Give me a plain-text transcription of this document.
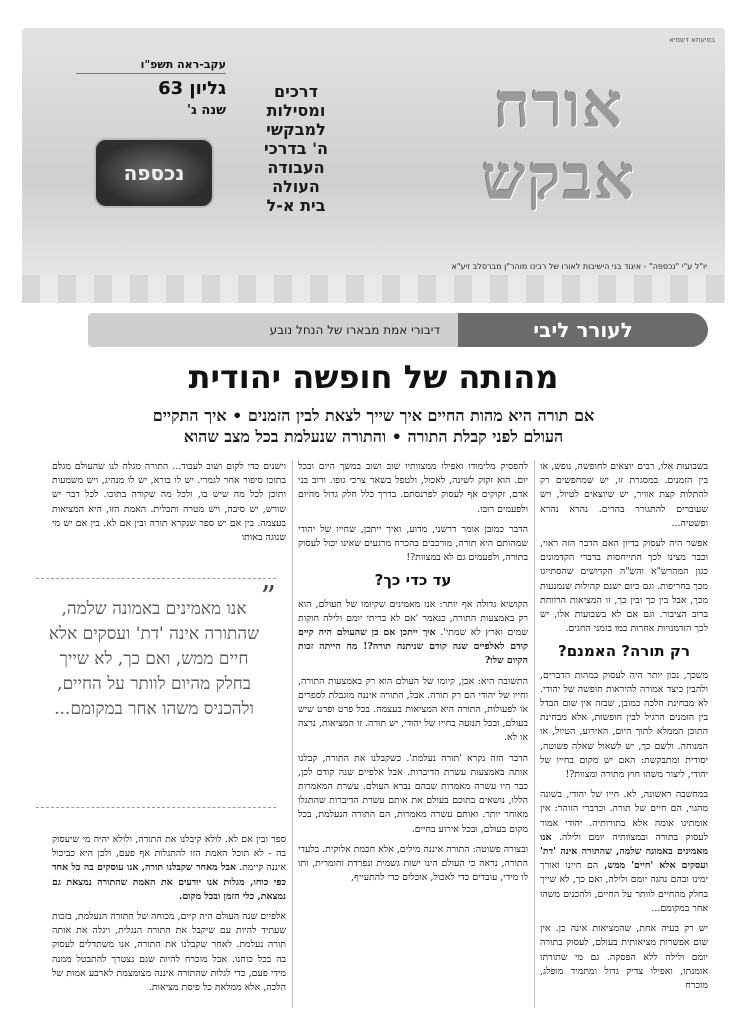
בסיעתא דשמיא
אורח
אבקש
דרכים
ומסילות
למבקשי
ה' בדרכי
העבודה
העולה
בית א-ל
עקב-ראה תשפ"ו
גליון 63
שנה ג'
נכספה
יו"ל ע"י "נכספה" - איגוד בני הישיבות לאורו של רבינו מוהר"ן מברסלב זיע"א
לעורר ליבי
דיבורי אמת מבארו של הנחל נובע
מהותה של חופשה יהודית
אם תורה היא מהות החיים איך שייך לצאת לבין הזמנים • איך התקיים
העולם לפני קבלת התורה • והתורה שנעלמת בכל מצב שהוא

בשבועות אלו, רבים יוצאים לחופשה, נופש, או בין הזמנים. במסגרת זו, יש שמחפשים רק להתלות קצת אוויר, יש שיוצאים לטיול, ויש שעוברים להתגורר בהרים. נהרא נהרא ופשטיה...

אפשר היה לעסוק בדיון האם הדבר הזה ראוי, וכבר מצינו לכך התייחסות בדברי הקדמונים כגון המהרש"א והש"ה הקדושים שהסתייגו מכך בחריפות. וגם כיום ישנם קהילות שנמנעות מכך, אבל בין כך ובין כך, זו המציאות הרווחת ברוב הציבור. וגם אם לא בשבועות אלו, יש לכך הזדמנויות אחרות כמו בזמני החגים.

רק תורה? האמנם?

משכך, נכון יותר היה לעסוק במהות הדברים, ולהבין כיצד אמורה להיראות חופשה של יהודי. לא מבחינת הלכה כמובן, שבזה אין שום הבדל בין הזמנים הרגיל לבין חופשות, אלא מבחינת התוכן הממלא לתוך היום, האירוע, הטיול, או המנוחה. ולשם כך, יש לשאול שאלה פשוטה, יסודית ומתבקשת: האם יש מקום בחייו של יהודי, ליצור משהו חוץ מתורה ומצוות?!

במחשבה ראשונה, לא. חייו של יהודי, בשונה מהגוי, הם חיים של תורה. וכדברי הזוהר: אין אומתינו אומה אלא בתורותיה. יהודי אמור לעסוק בתורה ובמצוותיה יומם ולילה. אנו מאמינים באמונה שלמה, שהתורה אינה 'דת' ועסקים אלא 'חיים' ממש, הם חיינו ואורך ימינו ובהם נהגה יומם ולילה, ואם כך, לא שייך בחלק מהחיים לוותר על החיים, ולהכנים משהו אחר במקומם...

יש רק בעיה אחת, שהמציאות אינה כן. אין שום אפשרות מציאותית בעולם, לעסוק בתורה יומם ולילה ללא הפסקה. גם מי שתורתו אומנתו, ואפילו צדיק גדול ומתמיד מופלג, מוכרח

להפסיק מלימודו ואפילו ממצוותיו שוב ושוב במשך היום ובכל יום. הוא זקוק לשינה, לאכול, ולטפל בשאר צרכי גופו. ורוב בני אדם, זקוקים אף לעסוק לפרנסתם. בדרך כלל חלק גדול מהיום ולפעמים רובו.

הדבר כמובן אומר דרשני, מדוע, ואיך ייתכן, שחייו של יהודי שמהותם היא תורה, מורכבים בהכרח מרגעים שאינו יכול לעסוק בתורה, ולפעמים גם לא במצוות?!

עד כדי כך?

הקושיא גדולה אף יותר: אנו מאמינים שקיומו של העולם, הוא רק באמצעות התורה, כנאמר 'אם לא בריתי יומם ולילה חוקות שמים וארץ לא שמתי'. איך ייתכן אם כן שהעולם היה קיים קודם לאלפיים שנה קודם שניתנה תורה?! מה הייתה זכות הקיום שלו?

התשובה היא: אכן, קיומו של העולם הוא רק באמצעות התורה, וחייו של יהודי הם רק תורה. אבל, התורה איננה מוגבלת לספרים או לפעולות, התורה היא המציאות בעצמה. בכל פרט ופרט שיש בעולם, ובכל תנועה בחייו של יהודי, יש תורה. זו המציאות, נרצה או לא.

הדבר הזה נקרא 'תורה נעלמת'. כשקבלנו את התורה, קבלנו אותה באמצעות עשרת הדיברות. אבל אלפיים שנה קודם לכן, כבר היו עשרה מאמרות שבהם נברא העולם. עשרת המאמרות הללו, נושאים בתוכם בעולם את אותם עשרת הדיברות שהתגלו מאוחר יותר. ואותם עשרה מאמרות, הם התורה הנעלמת, בכל מקום בעולם, ובכל אירוע בחיים.

ובצורה פשוטה: התורה איננה מילים, אלא חכמת אלוקית. בלעדי התורה, נראה כי העולם הינו ישות גשמית ונפרדת וחומרית, ותו לו מידי, עובדים כדי לאכול, אוכלים כדי להתעייף,

וישנים כדי לקום ושוב לעבוד... התורה מגלה לנו שהעולם מגלם בתוכו סיפור אחר לגמרי. יש לו בורא, יש לו מנהיג, ויש משמעות ותוכן לכל מה שיש בו, ולכל מה שקורה בתוכו. לכל דבר יש שורש, יש סיבה, ויש מטרה ותכלית. האמת הזו, היא המציאות בעצמה. בין אם יש ספר שנקרא תורה ובין אם לא. בין אם יש מי שנוגה באותו

ספר ובין אם לא. לולא קיבלנו את התורה, ולולא יהיה מי שיעסוק בה - לא תוכל האמת הזו להתגלות אף פעם, ולכן היא כביכול איננה קיימת. אבל מאחר שקבלנו תורה, אנו עוסקים בה כל אחד כפי כוחו, מגלות אנו יודעים את האמת שהתורה נמצאת גם נמצאת, כלי הזמן ובכל מקום.

אלפיים שנה העולם היה קיים, מכוחה של התורה הנעלמת, בזכות שעתיד להיות עם שיקבל את התורה הנגלית, ויגלה את אותה תורה נעלמת. לאחר שקבלנו את התורה, אנו משתדלים לעסוק בה בכל כוחנו. אבל מוכרח להיות שגם נצטרך להתבטל ממנה מידי פעם, כדי לגלות שהתורה איננה מצומצמת לארבע אמות של הלכה, אלא ממלאת כל פיסת מציאות.

”
אנו מאמינים באמונה שלמה, שהתורה אינה 'דת' ועסקים אלא חיים ממש, ואם כך, לא שייך בחלק מהיום לוותר על החיים, ולהכניס משהו אחר במקומם...
